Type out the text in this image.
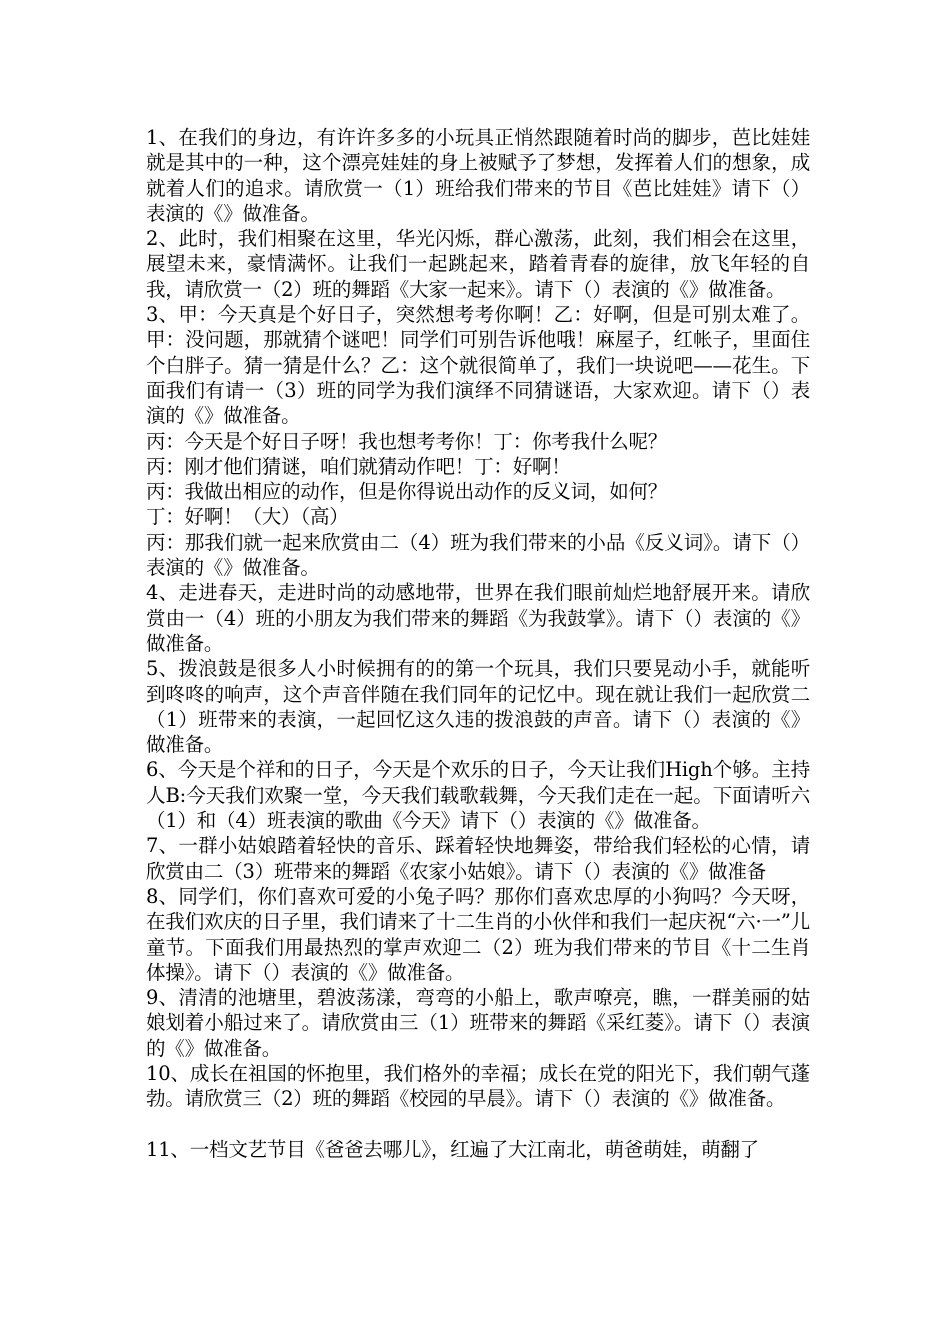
1、在我们的身边，有许许多多的小玩具正悄然跟随着时尚的脚步，芭比娃娃就是其中的一种，这个漂亮娃娃的身上被赋予了梦想，发挥着人们的想象，成就着人们的追求。请欣赏一（1）班给我们带来的节目《芭比娃娃》请下（）表演的《》做准备。

2、此时，我们相聚在这里，华光闪烁，群心激荡，此刻，我们相会在这里，展望未来，豪情满怀。让我们一起跳起来，踏着青春的旋律，放飞年轻的自我，请欣赏一（2）班的舞蹈《大家一起来》。请下（）表演的《》做准备。

3、甲：今天真是个好日子，突然想考考你啊！乙：好啊，但是可别太难了。甲：没问题，那就猜个谜吧！同学们可别告诉他哦！麻屋子，红帐子，里面住个白胖子。猜一猜是什么？乙：这个就很简单了，我们一块说吧——花生。下面我们有请一（3）班的同学为我们演绎不同猜谜语，大家欢迎。请下（）表演的《》做准备。

丙：今天是个好日子呀！我也想考考你！丁：你考我什么呢？

丙：刚才他们猜谜，咱们就猜动作吧！丁：好啊！

丙：我做出相应的动作，但是你得说出动作的反义词，如何？

丁：好啊！（大）（高）

丙：那我们就一起来欣赏由二（4）班为我们带来的小品《反义词》。请下（）表演的《》做准备。

4、走进春天，走进时尚的动感地带，世界在我们眼前灿烂地舒展开来。请欣赏由一（4）班的小朋友为我们带来的舞蹈《为我鼓掌》。请下（）表演的《》做准备。

5、拨浪鼓是很多人小时候拥有的的第一个玩具，我们只要晃动小手，就能听到咚咚的响声，这个声音伴随在我们同年的记忆中。现在就让我们一起欣赏二（1）班带来的表演，一起回忆这久违的拨浪鼓的声音。请下（）表演的《》做准备。

6、今天是个祥和的日子，今天是个欢乐的日子，今天让我们High个够。主持人B:今天我们欢聚一堂，今天我们载歌载舞，今天我们走在一起。下面请听六（1）和（4）班表演的歌曲《今天》请下（）表演的《》做准备。

7、一群小姑娘踏着轻快的音乐、踩着轻快地舞姿，带给我们轻松的心情，请欣赏由二（3）班带来的舞蹈《农家小姑娘》。请下（）表演的《》做准备

8、同学们，你们喜欢可爱的小兔子吗？那你们喜欢忠厚的小狗吗？今天呀，在我们欢庆的日子里，我们请来了十二生肖的小伙伴和我们一起庆祝“六·一”儿童节。下面我们用最热烈的掌声欢迎二（2）班为我们带来的节目《十二生肖体操》。请下（）表演的《》做准备。

9、清清的池塘里，碧波荡漾，弯弯的小船上，歌声嘹亮，瞧，一群美丽的姑娘划着小船过来了。请欣赏由三（1）班带来的舞蹈《采红菱》。请下（）表演的《》做准备。

10、成长在祖国的怀抱里，我们格外的幸福；成长在党的阳光下，我们朝气蓬勃。请欣赏三（2）班的舞蹈《校园的早晨》。请下（）表演的《》做准备。

11、一档文艺节目《爸爸去哪儿》，红遍了大江南北，萌爸萌娃，萌翻了
